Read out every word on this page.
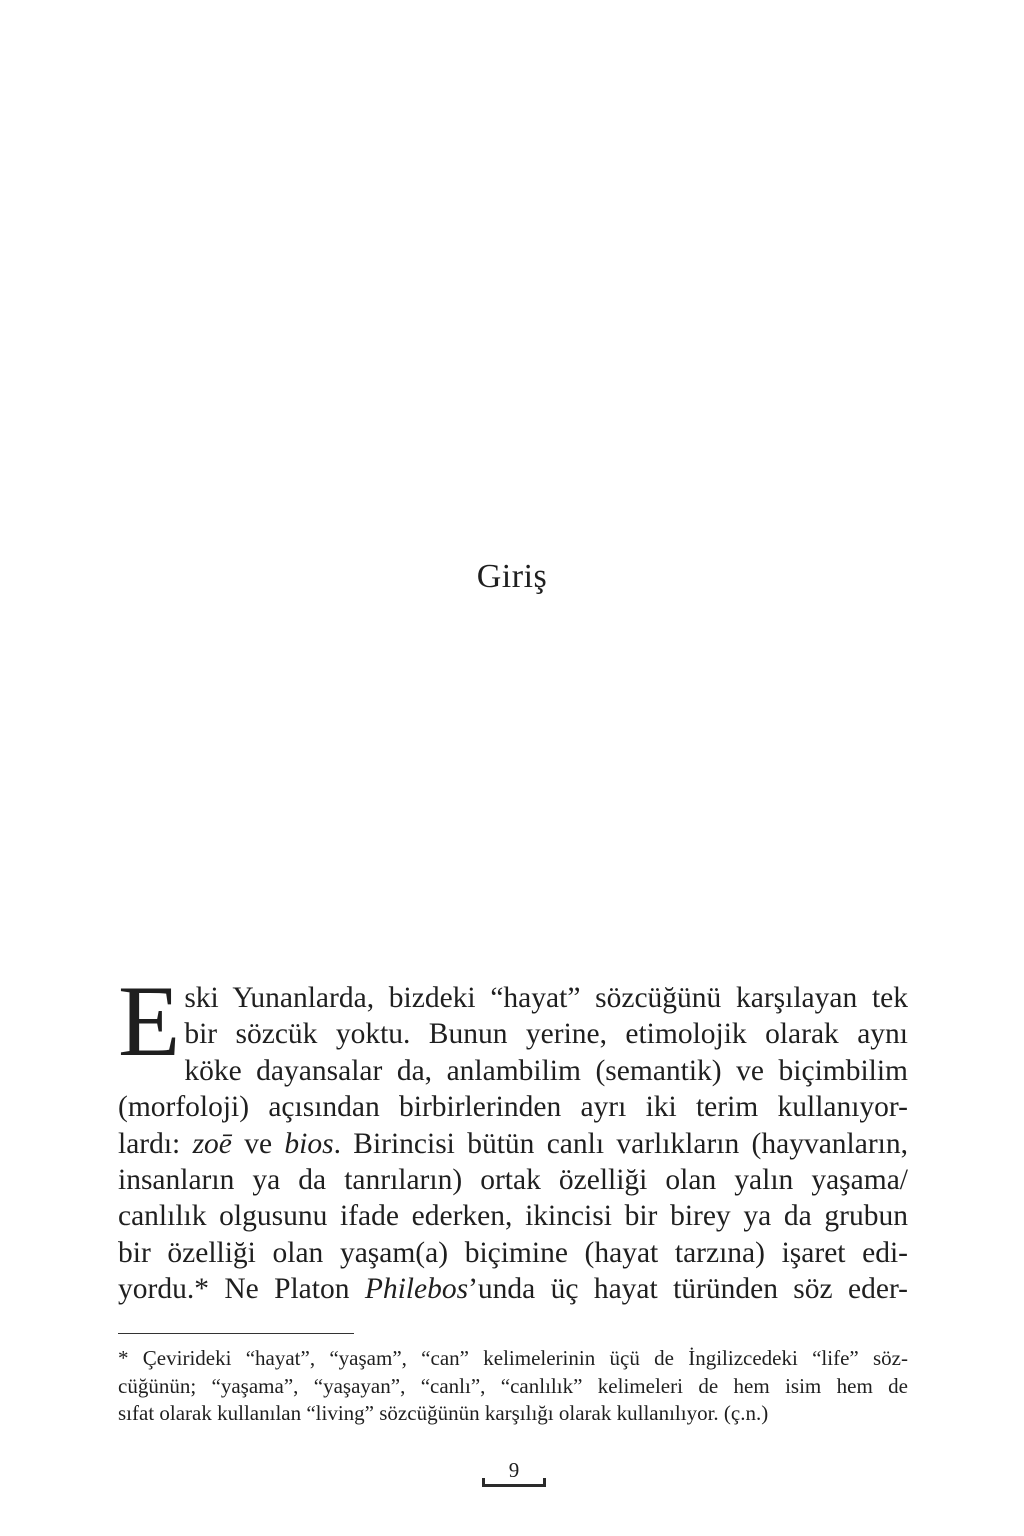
Giriş
E ski Yunanlarda, bizdeki “hayat” sözcüğünü karşılayan tek
bir sözcük yoktu. Bunun yerine, etimolojik olarak aynı
köke dayansalar da, anlambilim (semantik) ve biçimbilim
(morfoloji) açısından birbirlerinden ayrı iki terim kullanıyor-
lardı: zoē ve bios. Birincisi bütün canlı varlıkların (hayvanların,
insanların ya da tanrıların) ortak özelliği olan yalın yaşama/
canlılık olgusunu ifade ederken, ikincisi bir birey ya da grubun
bir özelliği olan yaşam(a) biçimine (hayat tarzına) işaret edi-
yordu.* Ne Platon Philebos’unda üç hayat türünden söz eder-
* Çevirideki “hayat”, “yaşam”, “can” kelimelerinin üçü de İngilizcedeki “life” söz-
cüğünün; “yaşama”, “yaşayan”, “canlı”, “canlılık” kelimeleri de hem isim hem de
sıfat olarak kullanılan “living” sözcüğünün karşılığı olarak kullanılıyor. (ç.n.)
9
